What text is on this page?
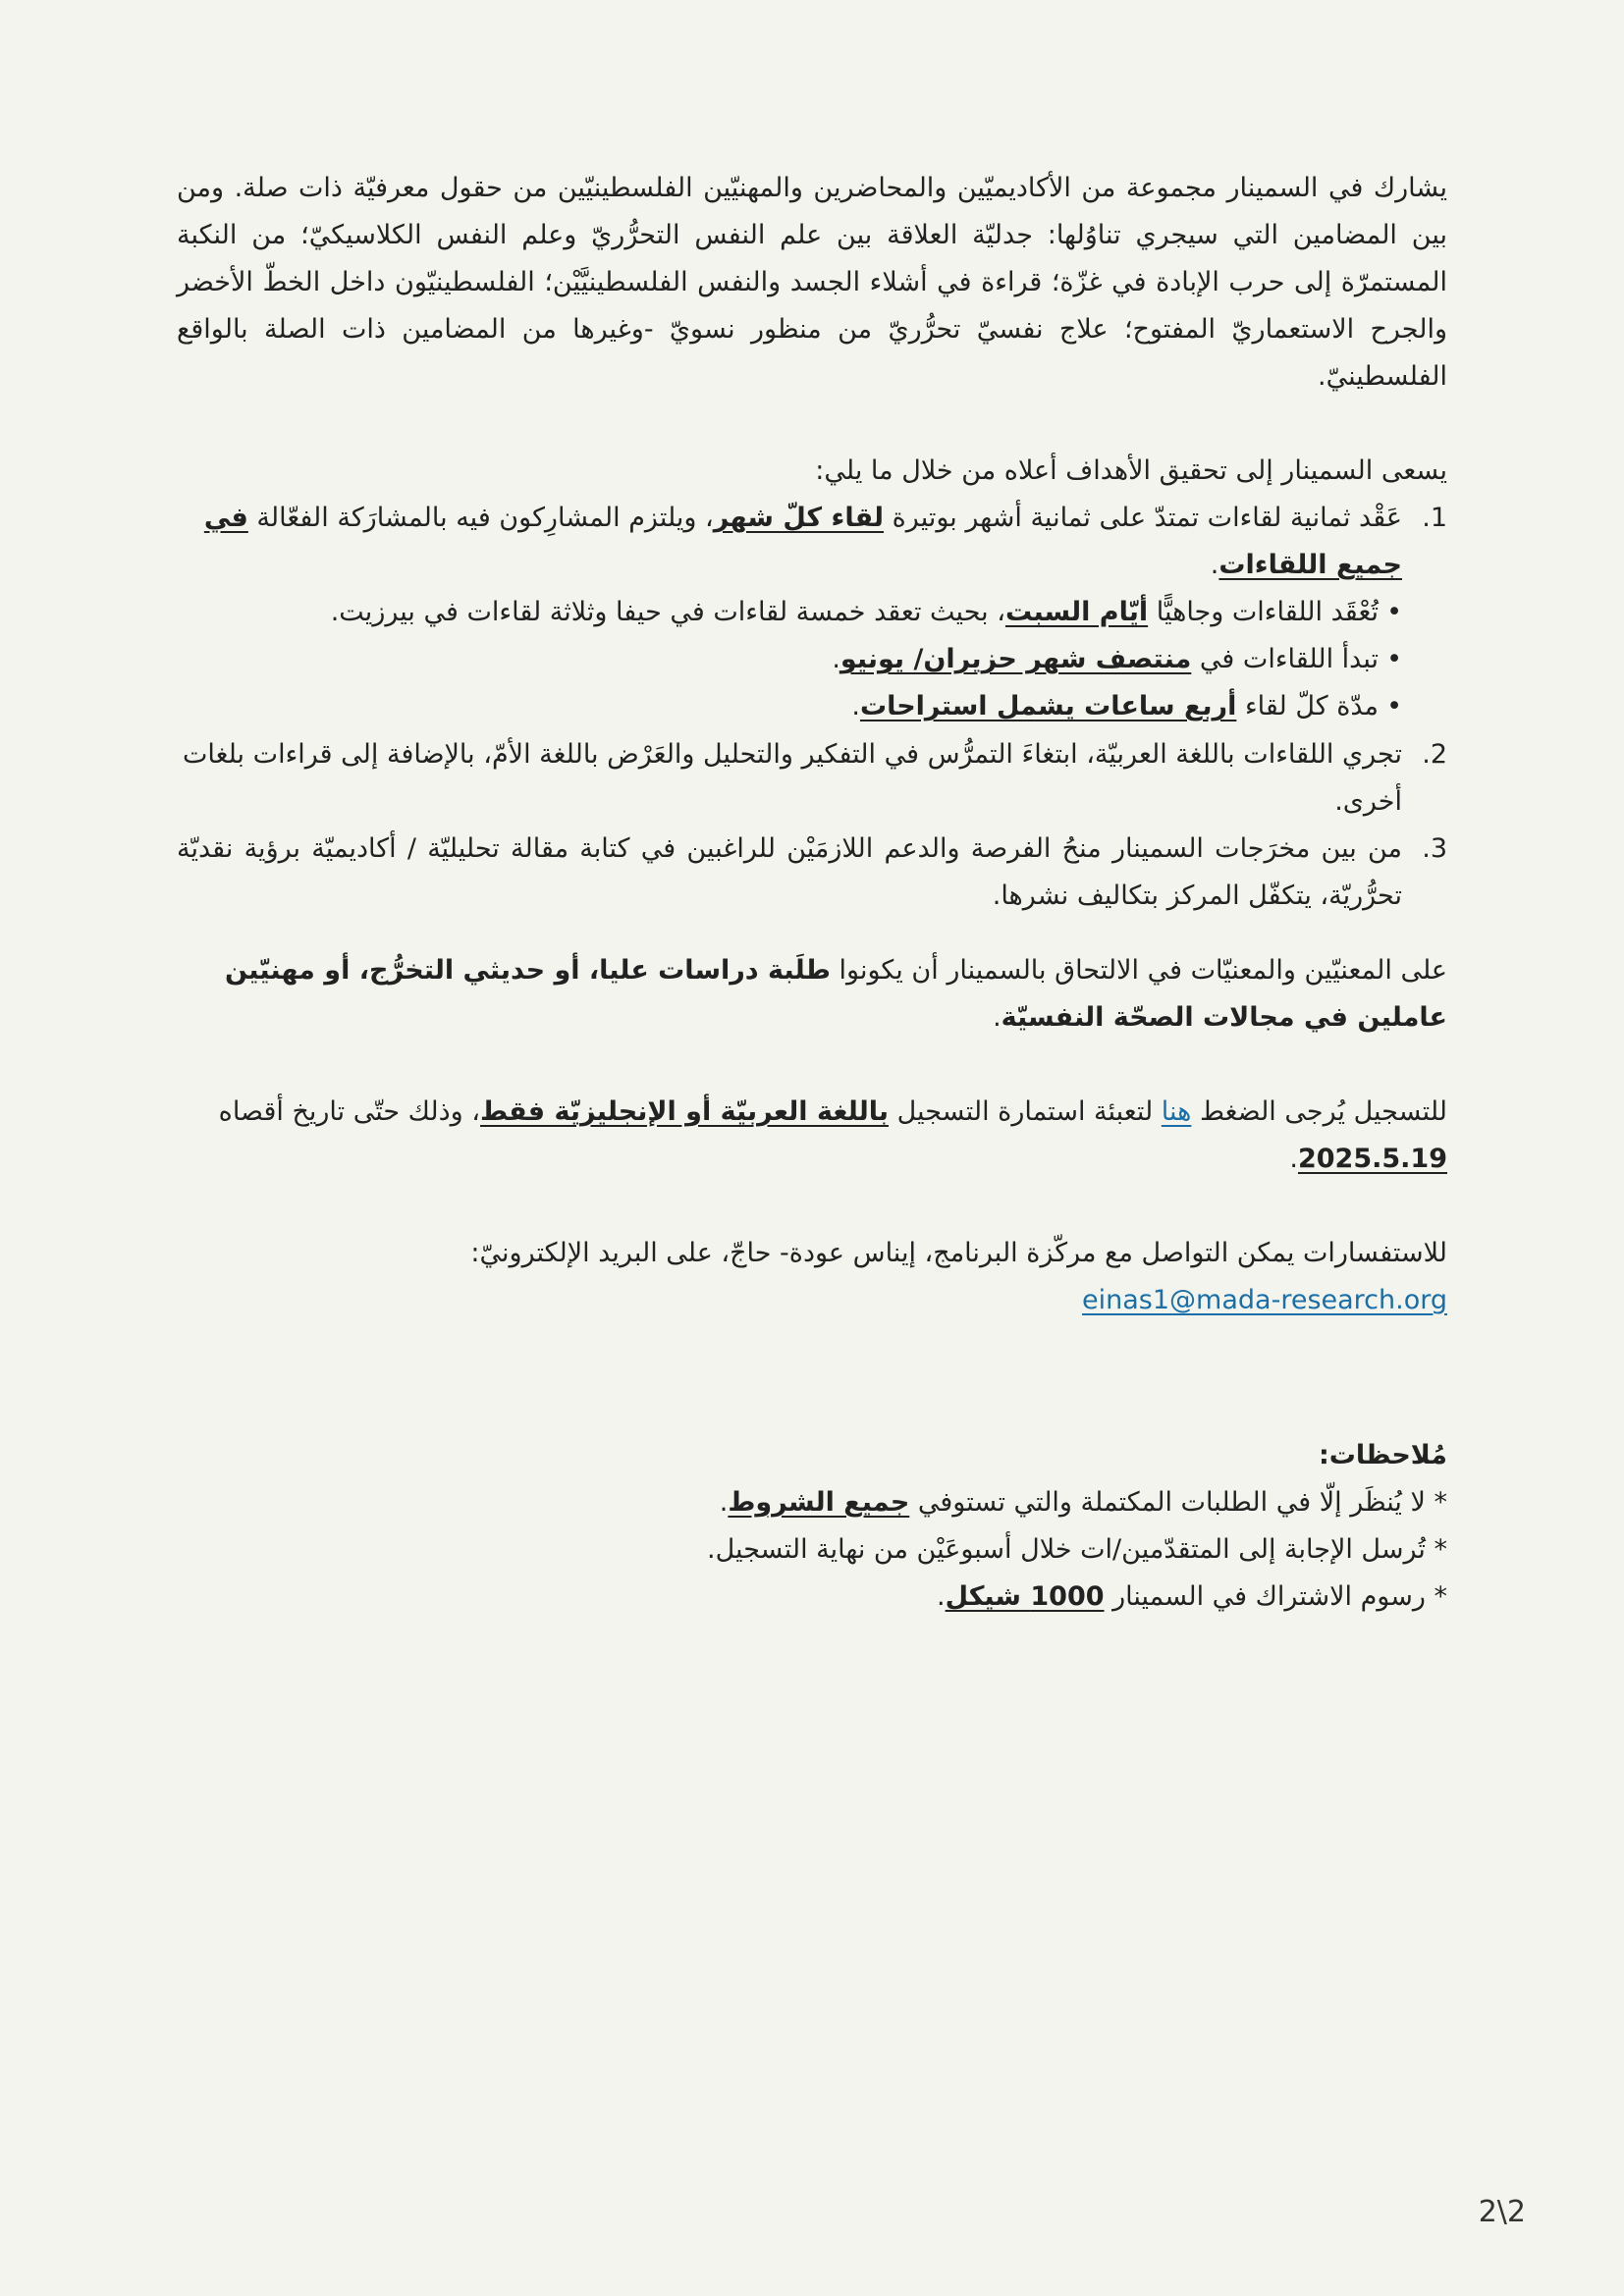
يشارك في السمينار مجموعة من الأكاديميّين والمحاضرين والمهنيّين الفلسطينيّين من حقول معرفيّة ذات صلة. ومن بين المضامين التي سيجري تناوُلها: جدليّة العلاقة بين علم النفس التحرُّريّ وعلم النفس الكلاسيكيّ؛ من النكبة المستمرّة إلى حرب الإبادة في غزّة؛ قراءة في أشلاء الجسد والنفس الفلسطينيَّيْن؛ الفلسطينيّون داخل الخطّ الأخضر والجرح الاستعماريّ المفتوح؛ علاج نفسيّ تحرُّريّ من منظور نسويّ -وغيرها من المضامين ذات الصلة بالواقع الفلسطينيّ.

يسعى السمينار إلى تحقيق الأهداف أعلاه من خلال ما يلي:

1.

عَقْد ثمانية لقاءات تمتدّ على ثمانية أشهر بوتيرة لقاء كلّ شهر، ويلتزم المشارِكون فيه بالمشارَكة الفعّالة في جميع اللقاءات.

•
تُعْقَد اللقاءات وجاهيًّا أيّام السبت، بحيث تعقد خمسة لقاءات في حيفا وثلاثة لقاءات في بيرزيت.
•
تبدأ اللقاءات في منتصف شهر حزيران/ يونيو.
•
مدّة كلّ لقاء أربع ساعات يشمل استراحات.
2.

تجري اللقاءات باللغة العربيّة، ابتغاءَ التمرُّس في التفكير والتحليل والعَرْض باللغة الأمّ، بالإضافة إلى قراءات بلغات أخرى.

3.

من بين مخرَجات السمينار منحُ الفرصة والدعم اللازمَيْن للراغبين في كتابة مقالة تحليليّة / أكاديميّة برؤية نقديّة تحرُّريّة، يتكفّل المركز بتكاليف نشرها.

على المعنيّين والمعنيّات في الالتحاق بالسمينار أن يكونوا طلَبة دراسات عليا، أو حديثي التخرُّج، أو مهنيّين عاملين في مجالات الصحّة النفسيّة.

للتسجيل يُرجى الضغط هنا لتعبئة استمارة التسجيل باللغة العربيّة أو الإنجليزيّة فقط، وذلك حتّى تاريخ أقصاه 2025.5.19.

للاستفسارات يمكن التواصل مع مركّزة البرنامج، إيناس عودة- حاجّ، على البريد الإلكترونيّ:

einas1@mada-research.org

مُلاحظات:

* لا يُنظَر إلّا في الطلبات المكتملة والتي تستوفي جميع الشروط.

* تُرسل الإجابة إلى المتقدّمين/ات خلال أسبوعَيْن من نهاية التسجيل.

* رسوم الاشتراك في السمينار 1000 شيكل.

2\2
